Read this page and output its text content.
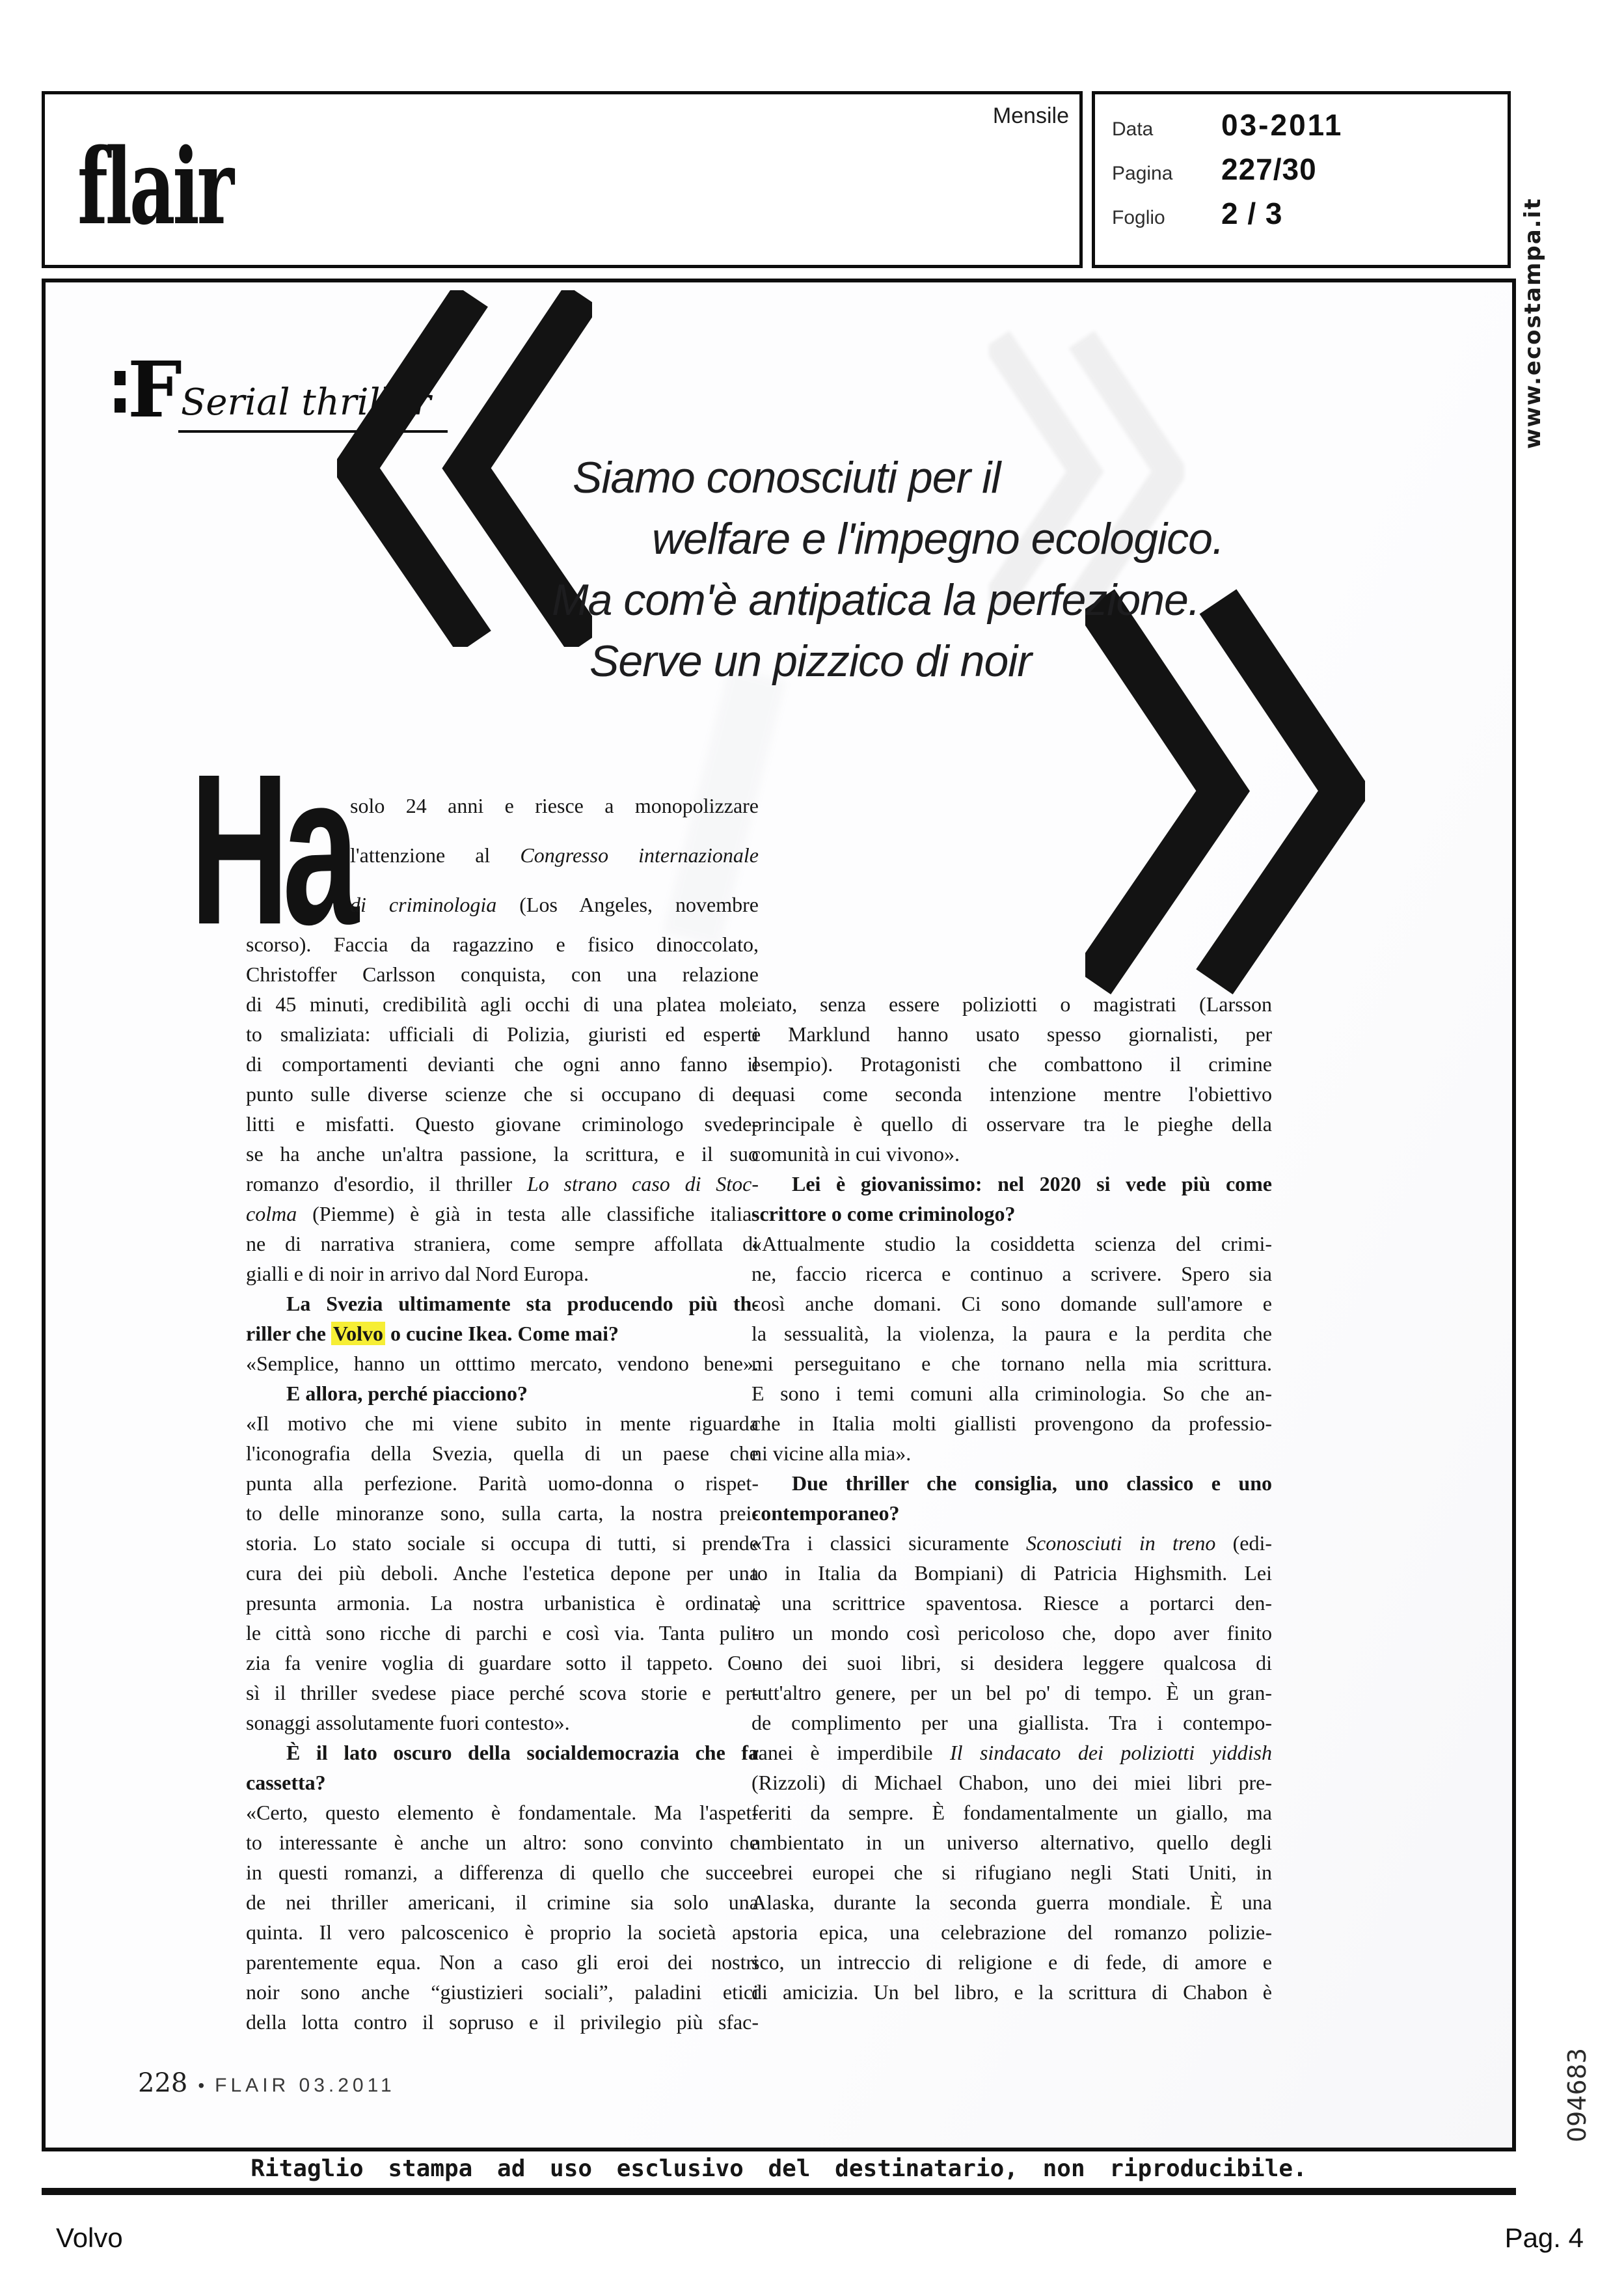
flair
Mensile
Data	03-2011
Pagina	227/30
Foglio	2 / 3
F
Serial thriller
Siamo conosciuti per il
welfare e l'impegno ecologico.
Ma com'è antipatica la perfezione.
Serve un pizzico di noir
Ha
solo 24 anni e riesce a monopolizzare
l'attenzione al Congresso internazionale
di criminologia (Los Angeles, novembre
scorso). Faccia da ragazzino e fisico dinoccolato,
Christoffer Carlsson conquista, con una relazione
di 45 minuti, credibilità agli occhi di una platea mol-
to smaliziata: ufficiali di Polizia, giuristi ed esperti
di comportamenti devianti che ogni anno fanno il
punto sulle diverse scienze che si occupano di de-
litti e misfatti. Questo giovane criminologo svede-
se ha anche un'altra passione, la scrittura, e il suo
romanzo d'esordio, il thriller Lo strano caso di Stoc-
colma (Piemme) è già in testa alle classifiche italia-
ne di narrativa straniera, come sempre affollata di
gialli e di noir in arrivo dal Nord Europa.
La Svezia ultimamente sta producendo più th-
riller che Volvo o cucine Ikea. Come mai?
«Semplice, hanno un otttimo mercato, vendono bene».
E allora, perché piacciono?
«Il motivo che mi viene subito in mente riguarda
l'iconografia della Svezia, quella di un paese che
punta alla perfezione. Parità uomo-donna o rispet-
to delle minoranze sono, sulla carta, la nostra prei-
storia. Lo stato sociale si occupa di tutti, si prende
cura dei più deboli. Anche l'estetica depone per una
presunta armonia. La nostra urbanistica è ordinata,
le città sono ricche di parchi e così via. Tanta puli-
zia fa venire voglia di guardare sotto il tappeto. Co-
sì il thriller svedese piace perché scova storie e per-
sonaggi assolutamente fuori contesto».
È il lato oscuro della socialdemocrazia che fa
cassetta?
«Certo, questo elemento è fondamentale. Ma l'aspet-
to interessante è anche un altro: sono convinto che
in questi romanzi, a differenza di quello che succe-
de nei thriller americani, il crimine sia solo una
quinta. Il vero palcoscenico è proprio la società ap-
parentemente equa. Non a caso gli eroi dei nostri
noir sono anche “giustizieri sociali”, paladini etici
della lotta contro il sopruso e il privilegio più sfac-
ciato, senza essere poliziotti o magistrati (Larsson
e Marklund hanno usato spesso giornalisti, per
esempio). Protagonisti che combattono il crimine
quasi come seconda intenzione mentre l'obiettivo
principale è quello di osservare tra le pieghe della
comunità in cui vivono».
Lei è giovanissimo: nel 2020 si vede più come
scrittore o come criminologo?
«Attualmente studio la cosiddetta scienza del crimi-
ne, faccio ricerca e continuo a scrivere. Spero sia
così anche domani. Ci sono domande sull'amore e
la sessualità, la violenza, la paura e la perdita che
mi perseguitano e che tornano nella mia scrittura.
E sono i temi comuni alla criminologia. So che an-
che in Italia molti giallisti provengono da professio-
ni vicine alla mia».
Due thriller che consiglia, uno classico e uno
contemporaneo?
«Tra i classici sicuramente Sconosciuti in treno (edi-
to in Italia da Bompiani) di Patricia Highsmith. Lei
è una scrittrice spaventosa. Riesce a portarci den-
tro un mondo così pericoloso che, dopo aver finito
uno dei suoi libri, si desidera leggere qualcosa di
tutt'altro genere, per un bel po' di tempo. È un gran-
de complimento per una giallista. Tra i contempo-
ranei è imperdibile Il sindacato dei poliziotti yiddish
(Rizzoli) di Michael Chabon, uno dei miei libri pre-
feriti da sempre. È fondamentalmente un giallo, ma
ambientato in un universo alternativo, quello degli
ebrei europei che si rifugiano negli Stati Uniti, in
Alaska, durante la seconda guerra mondiale. È una
storia epica, una celebrazione del romanzo polizie-
sco, un intreccio di religione e di fede, di amore e
di amicizia. Un bel libro, e la scrittura di Chabon è
228 • FLAIR 03.2011
Ritaglio stampa ad uso esclusivo del destinatario, non riproducibile.
Volvo	Pag. 4
www.ecostampa.it
094683
